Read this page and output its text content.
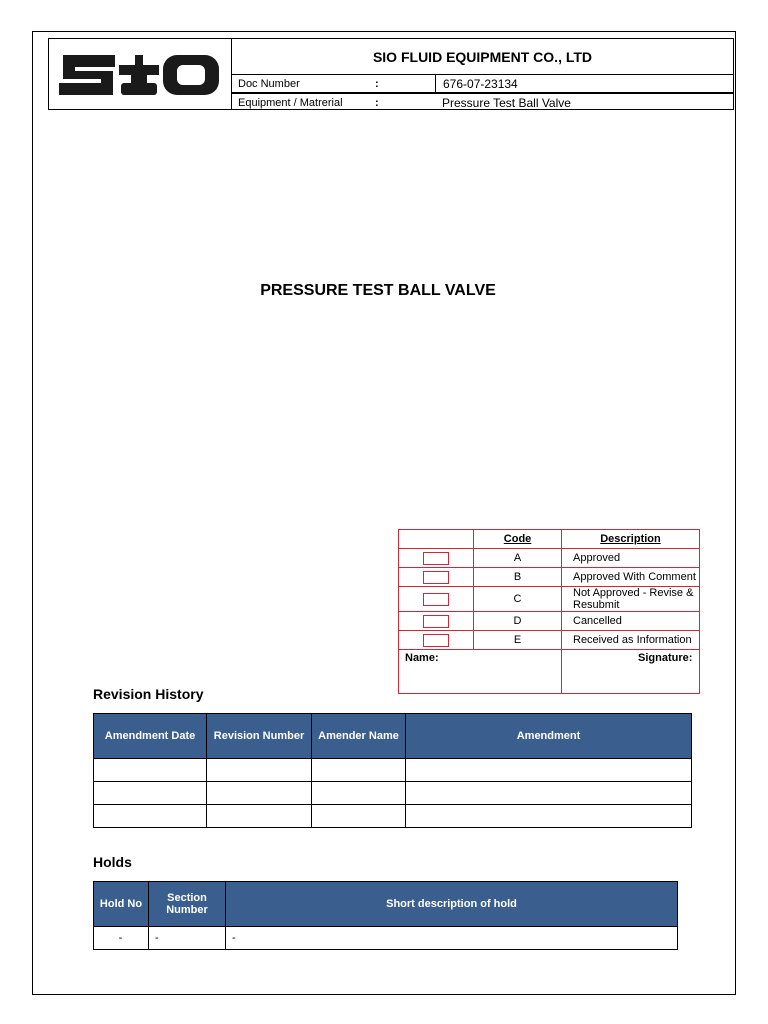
SIO FLUID EQUIPMENT CO., LTD
Doc Number	:	676-07-23134
Equipment / Matrerial	:	Pressure Test Ball Valve
PRESSURE TEST BALL VALVE
	Code	Description

	A	Approved

	B	Approved With Comment

	C	Not Approved - Revise & Resubmit

	D	Cancelled

	E	Received as Information
Name:		Signature:
Revision History
Amendment Date	Revision Number	Amender Name	Amendment

Holds
Hold No	Section Number	Short description of hold
-	-	-
